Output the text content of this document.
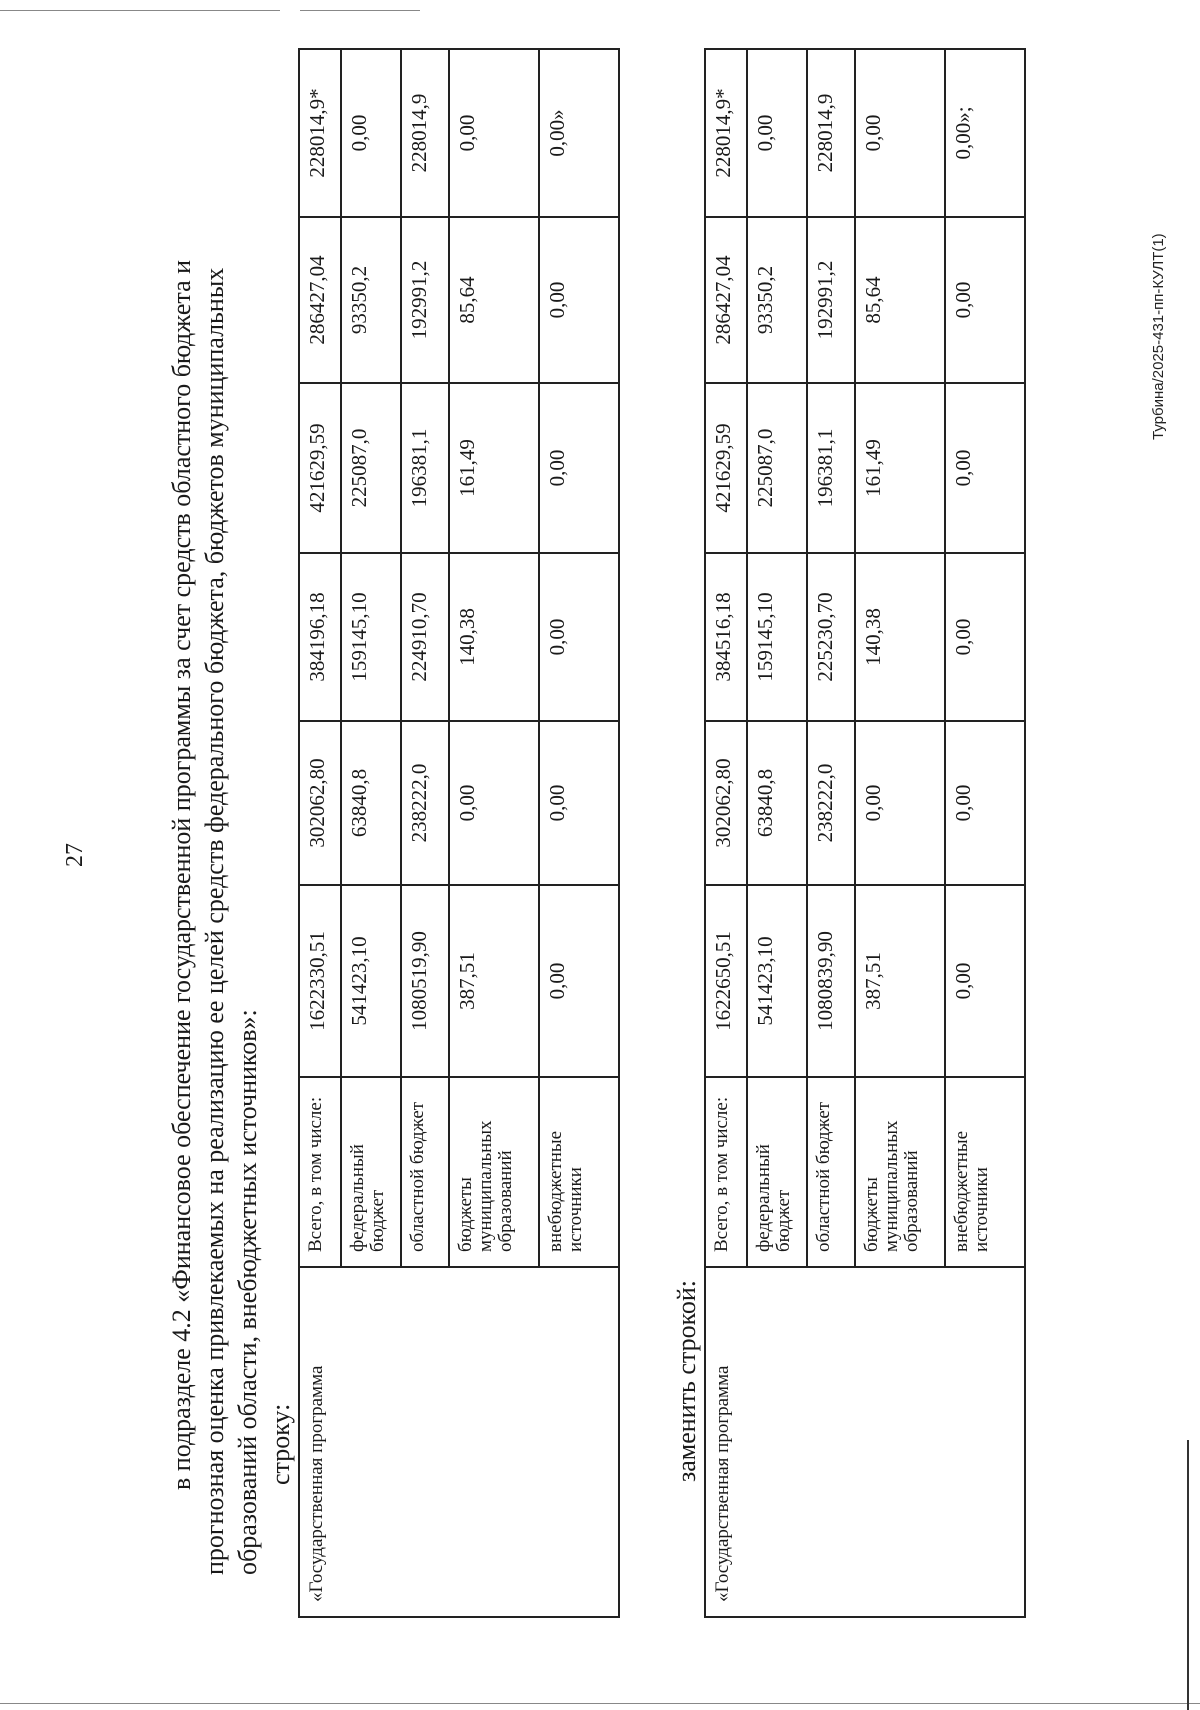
27	в подразделе 4.2 «Финансовое обеспечение государственной программы за счет средств областного бюджета и прогнозная оценка привлекаемых на реализацию ее целей средств федерального бюджета, бюджетов муниципальных образований области, внебюджетных источников»: строку: «Государственная программа	Всего, в том числе:	1622330,51	302062,80	384196,18	421629,59	286427,04	228014,9*
	федеральный бюджет	541423,10	63840,8	159145,10	225087,0	93350,2	0,00
	областной бюджет	1080519,90	238222,0	224910,70	196381,1	192991,2	228014,9
	бюджеты муниципальных образований	387,51	0,00	140,38	161,49	85,64	0,00
	внебюджетные источники	0,00	0,00	0,00	0,00	0,00	0,00»
заменить строкой: «Государственная программа	Всего, в том числе:	1622650,51	302062,80	384516,18	421629,59	286427,04	228014,9*
	федеральный бюджет	541423,10	63840,8	159145,10	225087,0	93350,2	0,00
	областной бюджет	1080839,90	238222,0	225230,70	196381,1	192991,2	228014,9
	бюджеты муниципальных образований	387,51	0,00	140,38	161,49	85,64	0,00
	внебюджетные источники	0,00	0,00	0,00	0,00	0,00	0,00»;
Турбина/2025-431-пп-КУЛТ(1)
